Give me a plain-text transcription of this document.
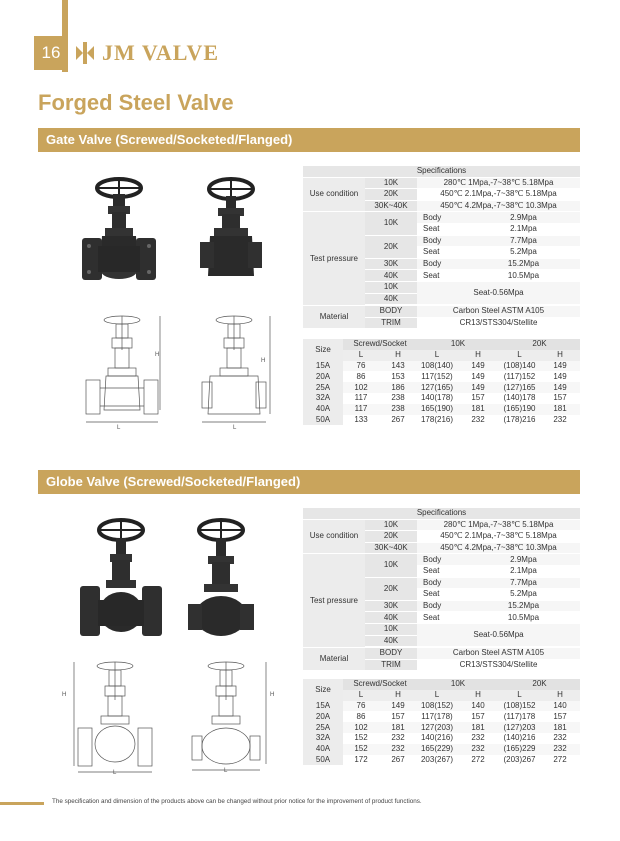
16	JM VALVE
Forged Steel Valve
Gate Valve (Screwed/Socketed/Flanged)
H
L
H
L
Specifications			
Use condition	10K	280℃ 1Mpa,-7~38℃ 5.18Mpa	
	20K	450℃ 2.1Mpa,-7~38℃ 5.18Mpa	
	30K~40K	450℃ 4.2Mpa,-7~38℃ 10.3Mpa	
Test pressure	10K	Body	2.9Mpa
		Seat	2.1Mpa
	20K	Body	7.7Mpa
		Seat	5.2Mpa
	30K	Body	15.2Mpa
	40K	Seat	10.5Mpa
	10K	Seat-0.56Mpa	
	40K		

Material	BODY	Carbon Steel ASTM A105	
	TRIM	CR13/STS304/Stellite	
Size	Screwd/Socket		10K		20K	
	L	H	L	H	L	H
15A	76	143	108(140)	149	(108)140	149
20A	86	153	117(152)	149	(117)152	149
25A	102	186	127(165)	149	(127)165	149
32A	117	238	140(178)	157	(140)178	157
40A	117	238	165(190)	181	(165)190	181
50A	133	267	178(216)	232	(178)216	232
Globe Valve (Screwed/Socketed/Flanged)
H
L
H
L
Specifications			
Use condition	10K	280℃ 1Mpa,-7~38℃ 5.18Mpa	
	20K	450℃ 2.1Mpa,-7~38℃ 5.18Mpa	
	30K~40K	450℃ 4.2Mpa,-7~38℃ 10.3Mpa	
Test pressure	10K	Body	2.9Mpa
		Seat	2.1Mpa
	20K	Body	7.7Mpa
		Seat	5.2Mpa
	30K	Body	15.2Mpa
	40K	Seat	10.5Mpa
	10K	Seat-0.56Mpa	
	40K		

Material	BODY	Carbon Steel ASTM A105	
	TRIM	CR13/STS304/Stellite	
Size	Screwd/Socket		10K		20K	
	L	H	L	H	L	H
15A	76	149	108(152)	140	(108)152	140
20A	86	157	117(178)	157	(117)178	157
25A	102	181	127(203)	181	(127)203	181
32A	152	232	140(216)	232	(140)216	232
40A	152	232	165(229)	232	(165)229	232
50A	172	267	203(267)	272	(203)267	272
The specification and dimension of the products above can be changed without prior notice for the improvement of product functions.
